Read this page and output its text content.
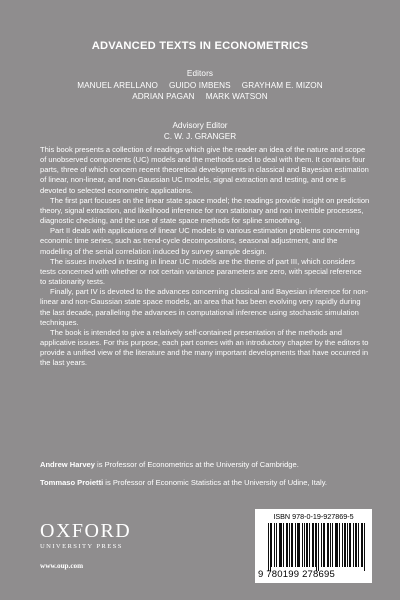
ADVANCED TEXTS IN ECONOMETRICS
Editors
MANUEL ARELLANO GUIDO IMBENS GRAYHAM E. MIZON
ADRIAN PAGAN MARK WATSON
Advisory Editor
C. W. J. GRANGER

This book presents a collection of readings which give the reader an idea of the nature and scope of unobserved components (UC) models and the methods used to deal with them. It contains four parts, three of which concern recent theoretical developments in classical and Bayesian estimation of linear, non-linear, and non-Gaussian UC models, signal extraction and testing, and one is devoted to selected econometric applications.

The first part focuses on the linear state space model; the readings provide insight on prediction theory, signal extraction, and likelihood inference for non stationary and non invertible processes, diagnostic checking, and the use of state space methods for spline smoothing.

Part II deals with applications of linear UC models to various estimation problems concerning economic time series, such as trend-cycle decompositions, seasonal adjustment, and the modelling of the serial correlation induced by survey sample design.

The issues involved in testing in linear UC models are the theme of part III, which considers tests concerned with whether or not certain variance parameters are zero, with special reference to stationarity tests.

Finally, part IV is devoted to the advances concerning classical and Bayesian inference for non-linear and non-Gaussian state space models, an area that has been evolving very rapidly during the last decade, paralleling the advances in computational inference using stochastic simulation techniques.

The book is intended to give a relatively self-contained presentation of the methods and applicative issues. For this purpose, each part comes with an introductory chapter by the editors to provide a unified view of the literature and the many important developments that have occurred in the last years.

Andrew Harvey is Professor of Econometrics at the University of Cambridge.

Tommaso Proietti is Professor of Economic Statistics at the University of Udine, Italy.

OXFORD
UNIVERSITY PRESS
www.oup.com
ISBN 978-0-19-927869-5
9 780199 278695
